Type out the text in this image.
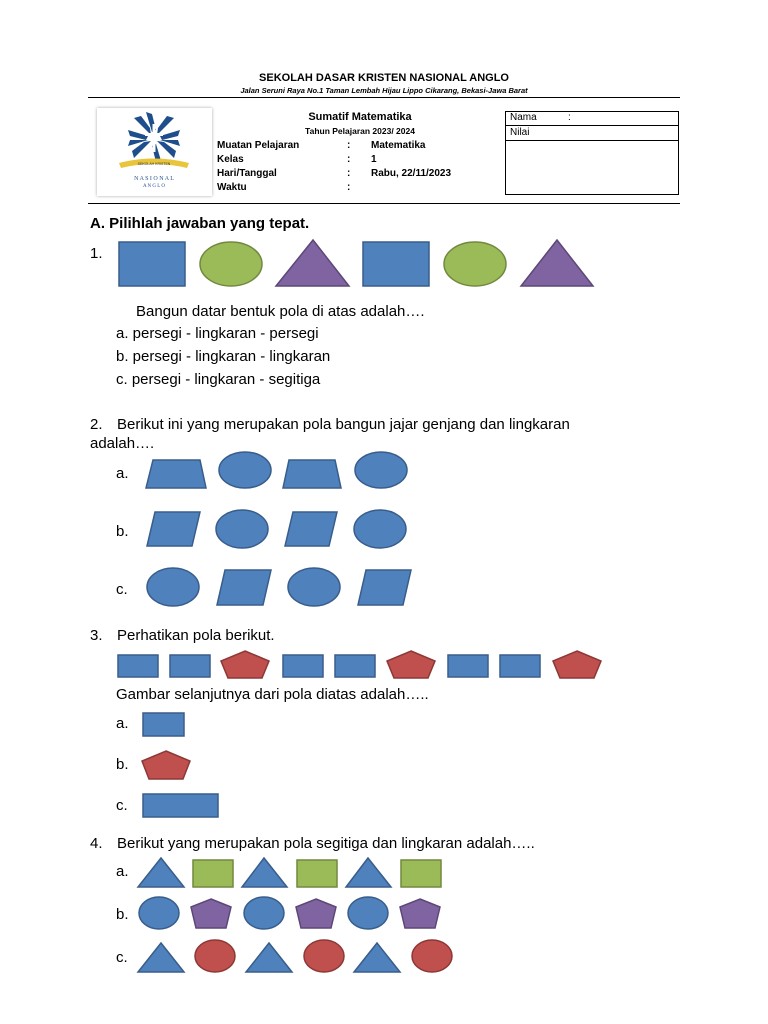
SEKOLAH DASAR KRISTEN NASIONAL ANGLO
Jalan Seruni Raya No.1 Taman Lembah Hijau Lippo Cikarang, Bekasi-Jawa Barat
SEKOLAH KRISTEN
N A S I O N A L
A N G L O
Sumatif Matematika
Tahun Pelajaran 2023/ 2024
Muatan Pelajaran	: Matematika
Kelas	: 1
Hari/Tanggal	: Rabu, 22/11/2023
Waktu	:
Nama	:
Nilai
A. Pilihlah jawaban yang tepat.
1.
Bangun datar bentuk pola di atas adalah….
a. persegi - lingkaran - persegi
b. persegi - lingkaran - lingkaran
c. persegi - lingkaran - segitiga
2. Berikut ini yang merupakan pola bangun jajar genjang dan lingkaran
adalah….
a.
b.
c.
3. Perhatikan pola berikut.
Gambar selanjutnya dari pola diatas adalah…..
a.
b.
c.
4. Berikut yang merupakan pola segitiga dan lingkaran adalah…..
a.
b.
c.
